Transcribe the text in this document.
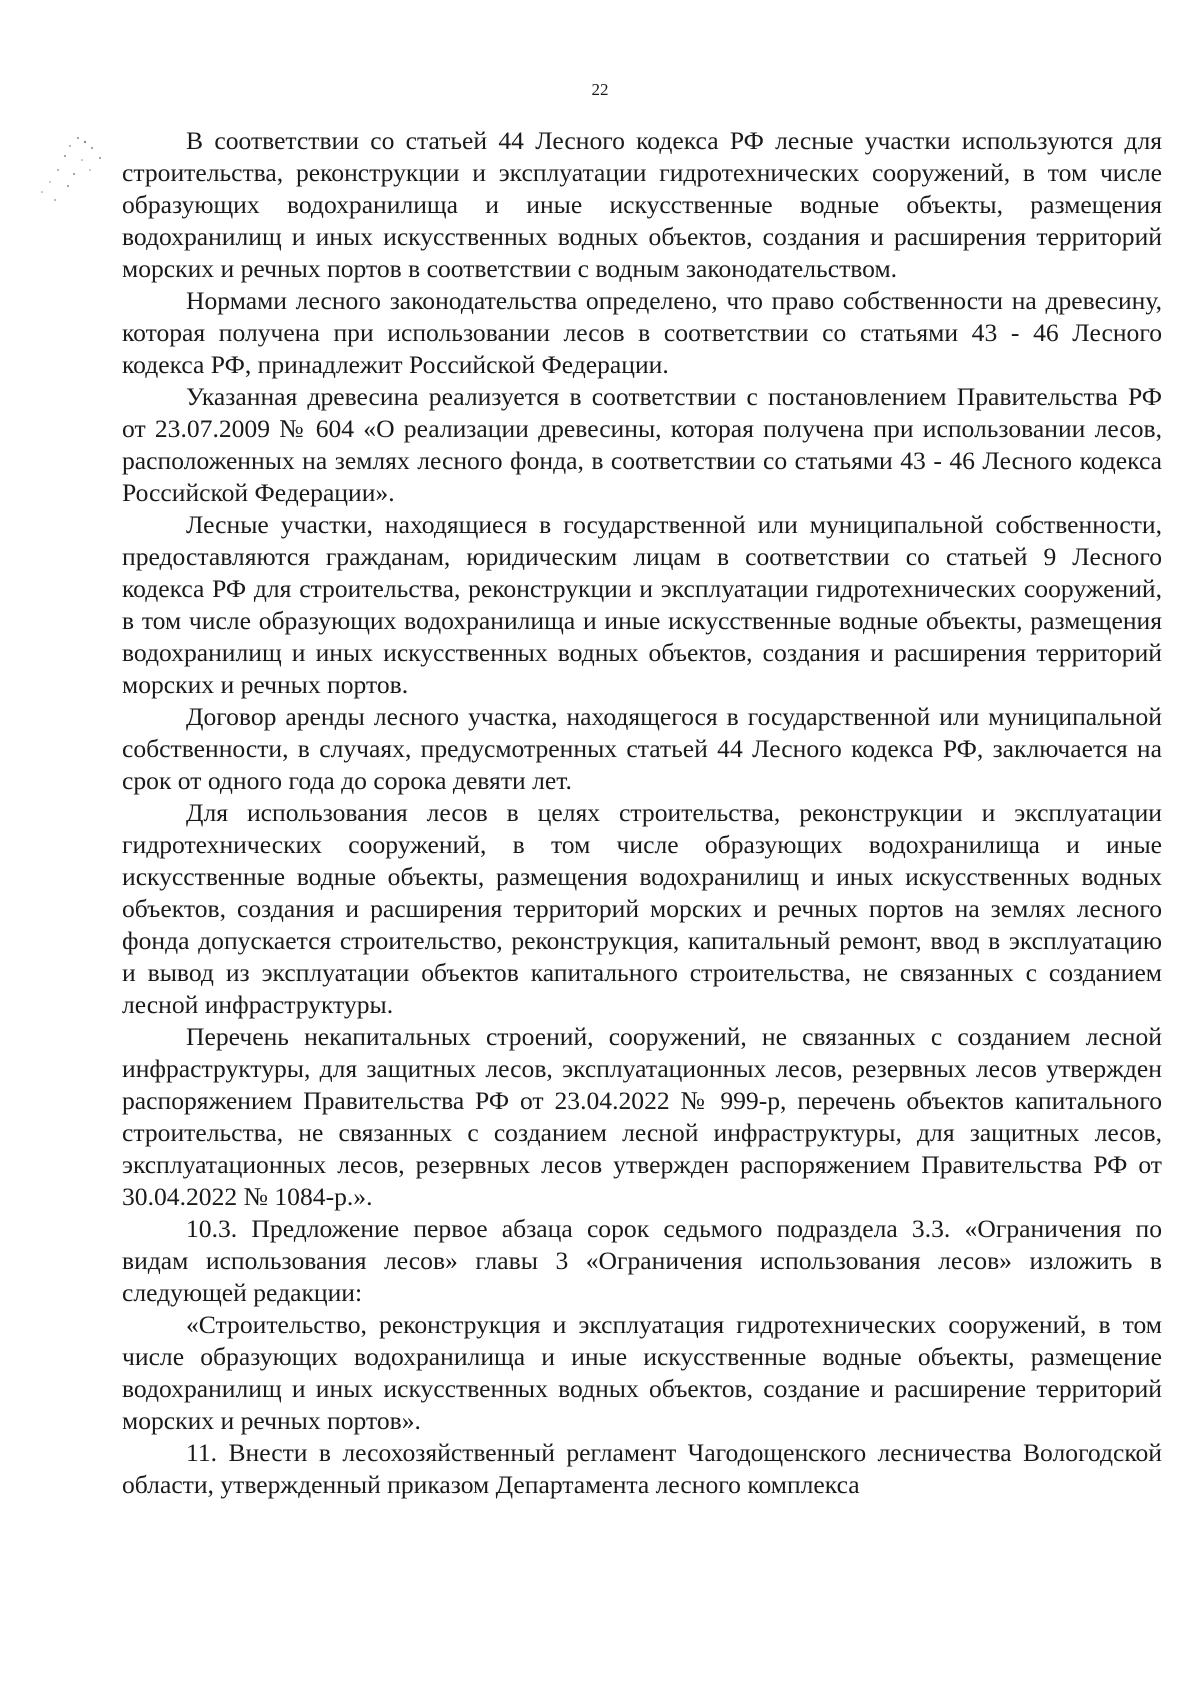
22

В соответствии со статьей 44 Лесного кодекса РФ лесные участки используются для строительства, реконструкции и эксплуатации гидротехнических сооружений, в том числе образующих водохранилища и иные искусственные водные объекты, размещения водохранилищ и иных искусственных водных объектов, создания и расширения территорий морских и речных портов в соответствии с водным законодательством.

Нормами лесного законодательства определено, что право собственности на древесину, которая получена при использовании лесов в соответствии со статьями 43 - 46 Лесного кодекса РФ, принадлежит Российской Федерации.

Указанная древесина реализуется в соответствии с постановлением Правительства РФ от 23.07.2009 № 604 «О реализации древесины, которая получена при использовании лесов, расположенных на землях лесного фонда, в соответствии со статьями 43 - 46 Лесного кодекса Российской Федерации».

Лесные участки, находящиеся в государственной или муниципальной собственности, предоставляются гражданам, юридическим лицам в соответствии со статьей 9 Лесного кодекса РФ для строительства, реконструкции и эксплуатации гидротехнических сооружений, в том числе образующих водохранилища и иные искусственные водные объекты, размещения водохранилищ и иных искусственных водных объектов, создания и расширения территорий морских и речных портов.

Договор аренды лесного участка, находящегося в государственной или муниципальной собственности, в случаях, предусмотренных статьей 44 Лесного кодекса РФ, заключается на срок от одного года до сорока девяти лет.

Для использования лесов в целях строительства, реконструкции и эксплуатации гидротехнических сооружений, в том числе образующих водохранилища и иные искусственные водные объекты, размещения водохранилищ и иных искусственных водных объектов, создания и расширения территорий морских и речных портов на землях лесного фонда допускается строительство, реконструкция, капитальный ремонт, ввод в эксплуатацию и вывод из эксплуатации объектов капитального строительства, не связанных с созданием лесной инфраструктуры.

Перечень некапитальных строений, сооружений, не связанных с созданием лесной инфраструктуры, для защитных лесов, эксплуатационных лесов, резервных лесов утвержден распоряжением Правительства РФ от 23.04.2022 № 999-р, перечень объектов капитального строительства, не связанных с созданием лесной инфраструктуры, для защитных лесов, эксплуатационных лесов, резервных лесов утвержден распоряжением Правительства РФ от 30.04.2022 № 1084-р.».

10.3. Предложение первое абзаца сорок седьмого подраздела 3.3. «Ограничения по видам использования лесов» главы 3 «Ограничения использования лесов» изложить в следующей редакции:

«Строительство, реконструкция и эксплуатация гидротехнических сооружений, в том числе образующих водохранилища и иные искусственные водные объекты, размещение водохранилищ и иных искусственных водных объектов, создание и расширение территорий морских и речных портов».

11. Внести в лесохозяйственный регламент Чагодощенского лесничества Вологодской области, утвержденный приказом Департамента лесного комплекса
